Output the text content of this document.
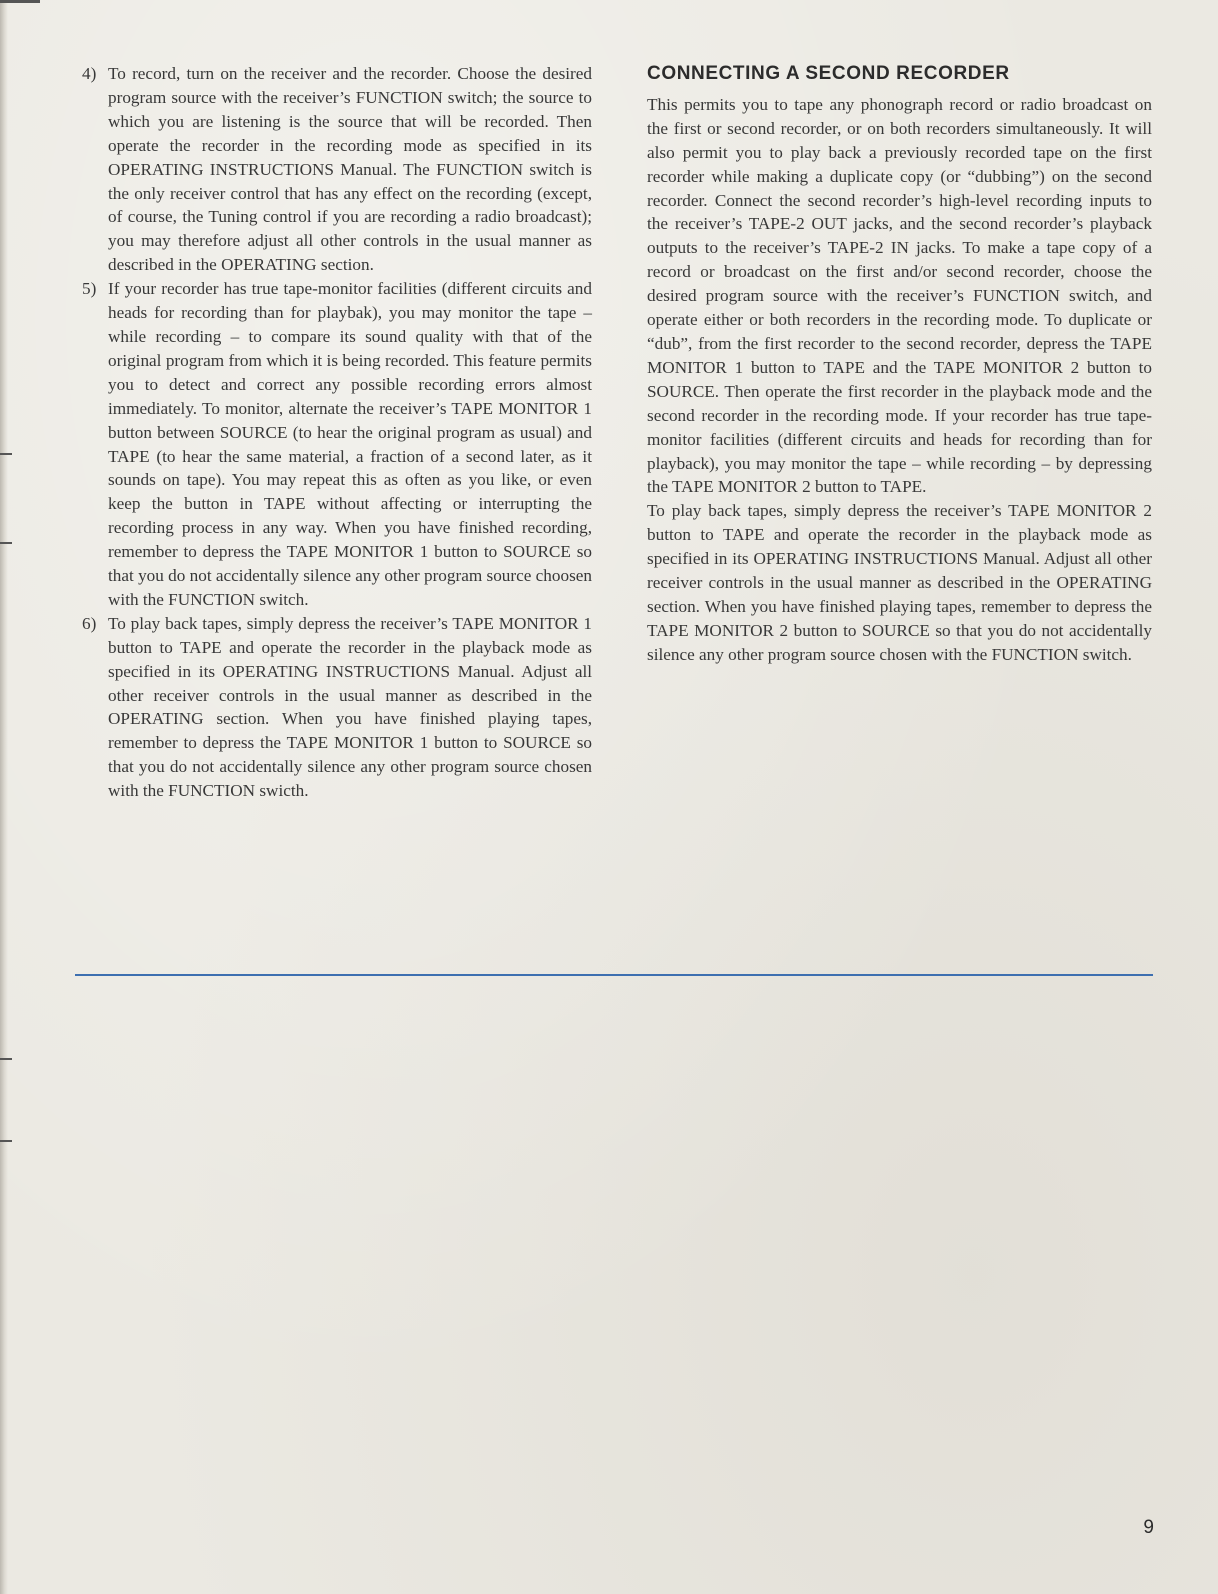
4) To record, turn on the receiver and the recorder. Choose the desired program source with the receiver’s FUNCTION switch; the source to which you are listening is the source that will be recorded. Then operate the recorder in the recording mode as specified in its OPERATING INSTRUCTIONS Manual. The FUNCTION switch is the only receiver control that has any effect on the recording (except, of course, the Tuning control if you are recording a radio broadcast); you may therefore adjust all other controls in the usual manner as described in the OPERATING section.
5) If your recorder has true tape-monitor facilities (different circuits and heads for recording than for playbak), you may monitor the tape – while recording – to compare its sound quality with that of the original program from which it is being recorded. This feature permits you to detect and correct any possible recording errors almost immediately. To monitor, alternate the receiver’s TAPE MONITOR 1 button between SOURCE (to hear the original program as usual) and TAPE (to hear the same material, a fraction of a second later, as it sounds on tape). You may repeat this as often as you like, or even keep the button in TAPE without affecting or interrupting the recording process in any way. When you have finished recording, remember to depress the TAPE MONITOR 1 button to SOURCE so that you do not accidentally silence any other program source choosen with the FUNCTION switch.
6) To play back tapes, simply depress the receiver’s TAPE MONITOR 1 button to TAPE and operate the recorder in the playback mode as specified in its OPERATING INSTRUCTIONS Manual. Adjust all other receiver controls in the usual manner as described in the OPERATING section. When you have finished playing tapes, remember to depress the TAPE MONITOR 1 button to SOURCE so that you do not accidentally silence any other program source chosen with the FUNCTION swicth.
CONNECTING A SECOND RECORDER

This permits you to tape any phonograph record or radio broadcast on the first or second recorder, or on both recorders simultaneously. It will also permit you to play back a previously recorded tape on the first recorder while making a duplicate copy (or “dubbing”) on the second recorder. Connect the second recorder’s high-level recording inputs to the receiver’s TAPE-2 OUT jacks, and the second recorder’s playback outputs to the receiver’s TAPE-2 IN jacks. To make a tape copy of a record or broadcast on the first and/or second recorder, choose the desired program source with the receiver’s FUNCTION switch, and operate either or both recorders in the recording mode. To duplicate or “dub”, from the first recorder to the second recorder, depress the TAPE MONITOR 1 button to TAPE and the TAPE MONITOR 2 button to SOURCE. Then operate the first recorder in the playback mode and the second recorder in the recording mode. If your recorder has true tape-monitor facilities (different circuits and heads for recording than for playback), you may monitor the tape – while recording – by depressing the TAPE MONITOR 2 button to TAPE.

To play back tapes, simply depress the receiver’s TAPE MONITOR 2 button to TAPE and operate the recorder in the playback mode as specified in its OPERATING INSTRUCTIONS Manual. Adjust all other receiver controls in the usual manner as described in the OPERATING section. When you have finished playing tapes, remember to depress the TAPE MONITOR 2 button to SOURCE so that you do not accidentally silence any other program source chosen with the FUNCTION switch.

9
